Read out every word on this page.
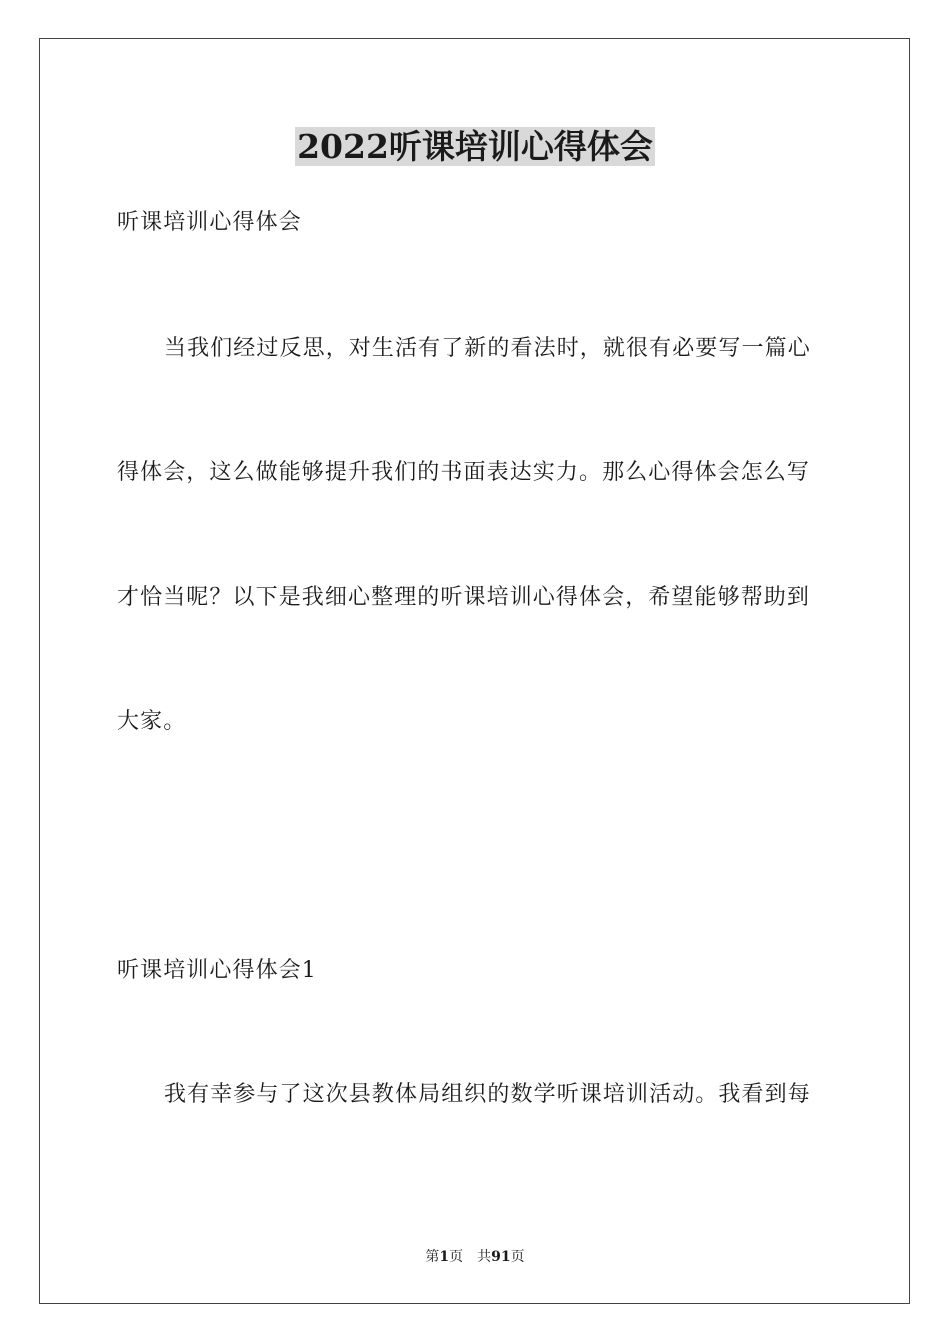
2022听课培训心得体会
听课培训心得体会
当我们经过反思，对生活有了新的看法时，就很有必要写一篇心
得体会，这么做能够提升我们的书面表达实力。那么心得体会怎么写
才恰当呢？以下是我细心整理的听课培训心得体会，希望能够帮助到
大家。
听课培训心得体会1
我有幸参与了这次县教体局组织的数学听课培训活动。我看到每
第1页 共91页
